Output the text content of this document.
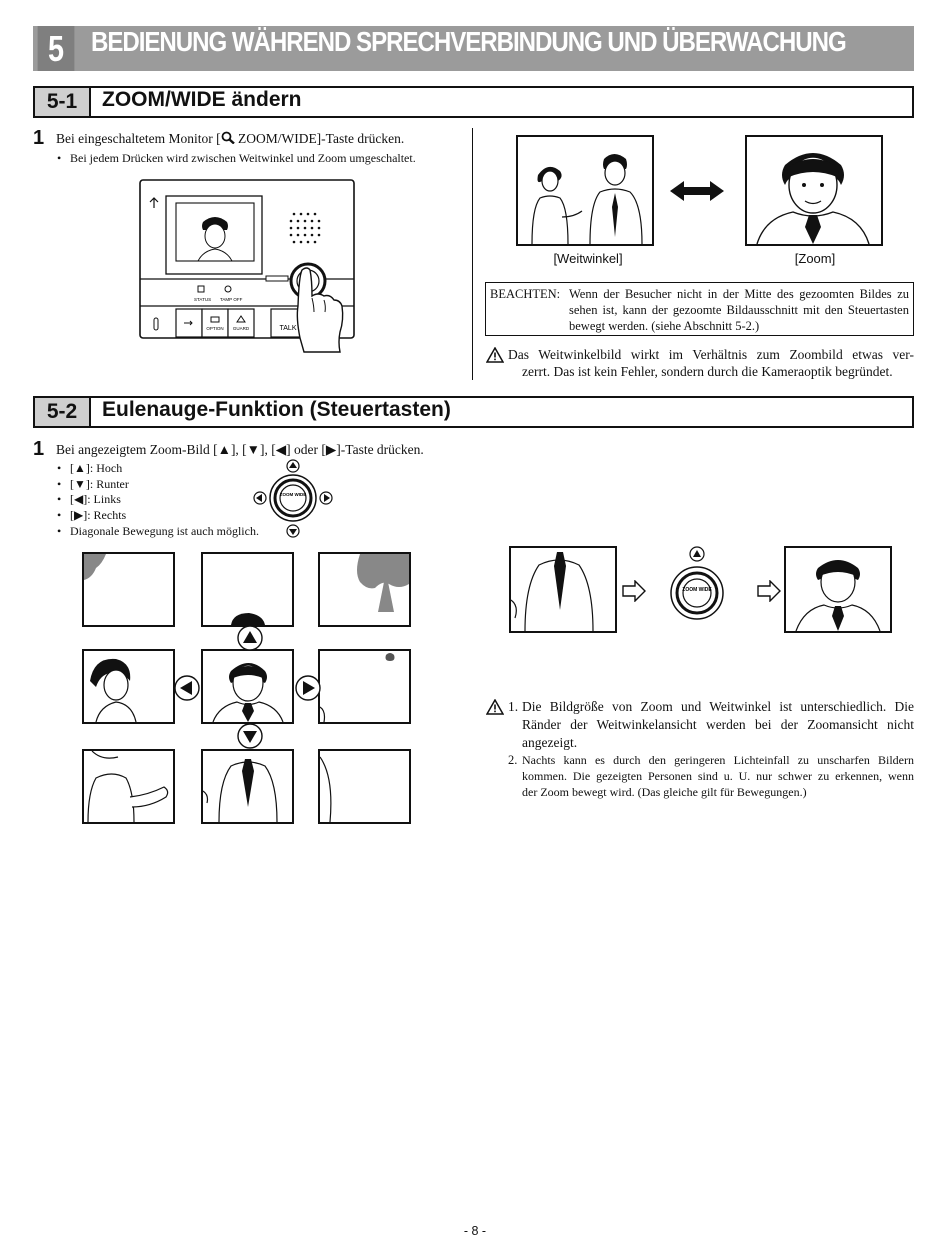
5 BEDIENUNG WÄHREND SPRECHVERBINDUNG UND ÜBERWACHUNG
5-1	ZOOM/WIDE ändern
1 Bei eingeschaltetem Monitor [ ZOOM/WIDE]-Taste drücken.
• Bei jedem Drücken wird zwischen Weitwinkel und Zoom umgeschaltet.
STATUS TAMP OFF
OPTION GUARD	TALK
[Weitwinkel]	[Zoom]
BEACHTEN: Wenn der Besucher nicht in der Mitte des gezoomten Bildes zu
sehen ist, kann der gezoomte Bildausschnitt mit den Steuertasten
bewegt werden. (siehe Abschnitt 5-2.)
Das Weitwinkelbild wirkt im Verhältnis zum Zoombild etwas ver-
zerrt. Das ist kein Fehler, sondern durch die Kameraoptik begründet.
5-2	Eulenauge-Funktion (Steuertasten)
1 Bei angezeigtem Zoom-Bild [▲], [▼], [◀] oder [▶]-Taste drücken.
• [▲]: Hoch
• [▼]: Runter
• [◀]: Links
• [▶]: Rechts
• Diagonale Bewegung ist auch möglich.
ZOOM WIDE
ZOOM WIDE
1. Die Bildgröße von Zoom und Weitwinkel ist unterschiedlich. Die
Ränder der Weitwinkelansicht werden bei der Zoomansicht nicht
angezeigt.
2. Nachts kann es durch den geringeren Lichteinfall zu unscharfen Bildern
kommen. Die gezeigten Personen sind u. U. nur schwer zu erkennen, wenn
der Zoom bewegt wird. (Das gleiche gilt für Bewegungen.)
- 8 -
